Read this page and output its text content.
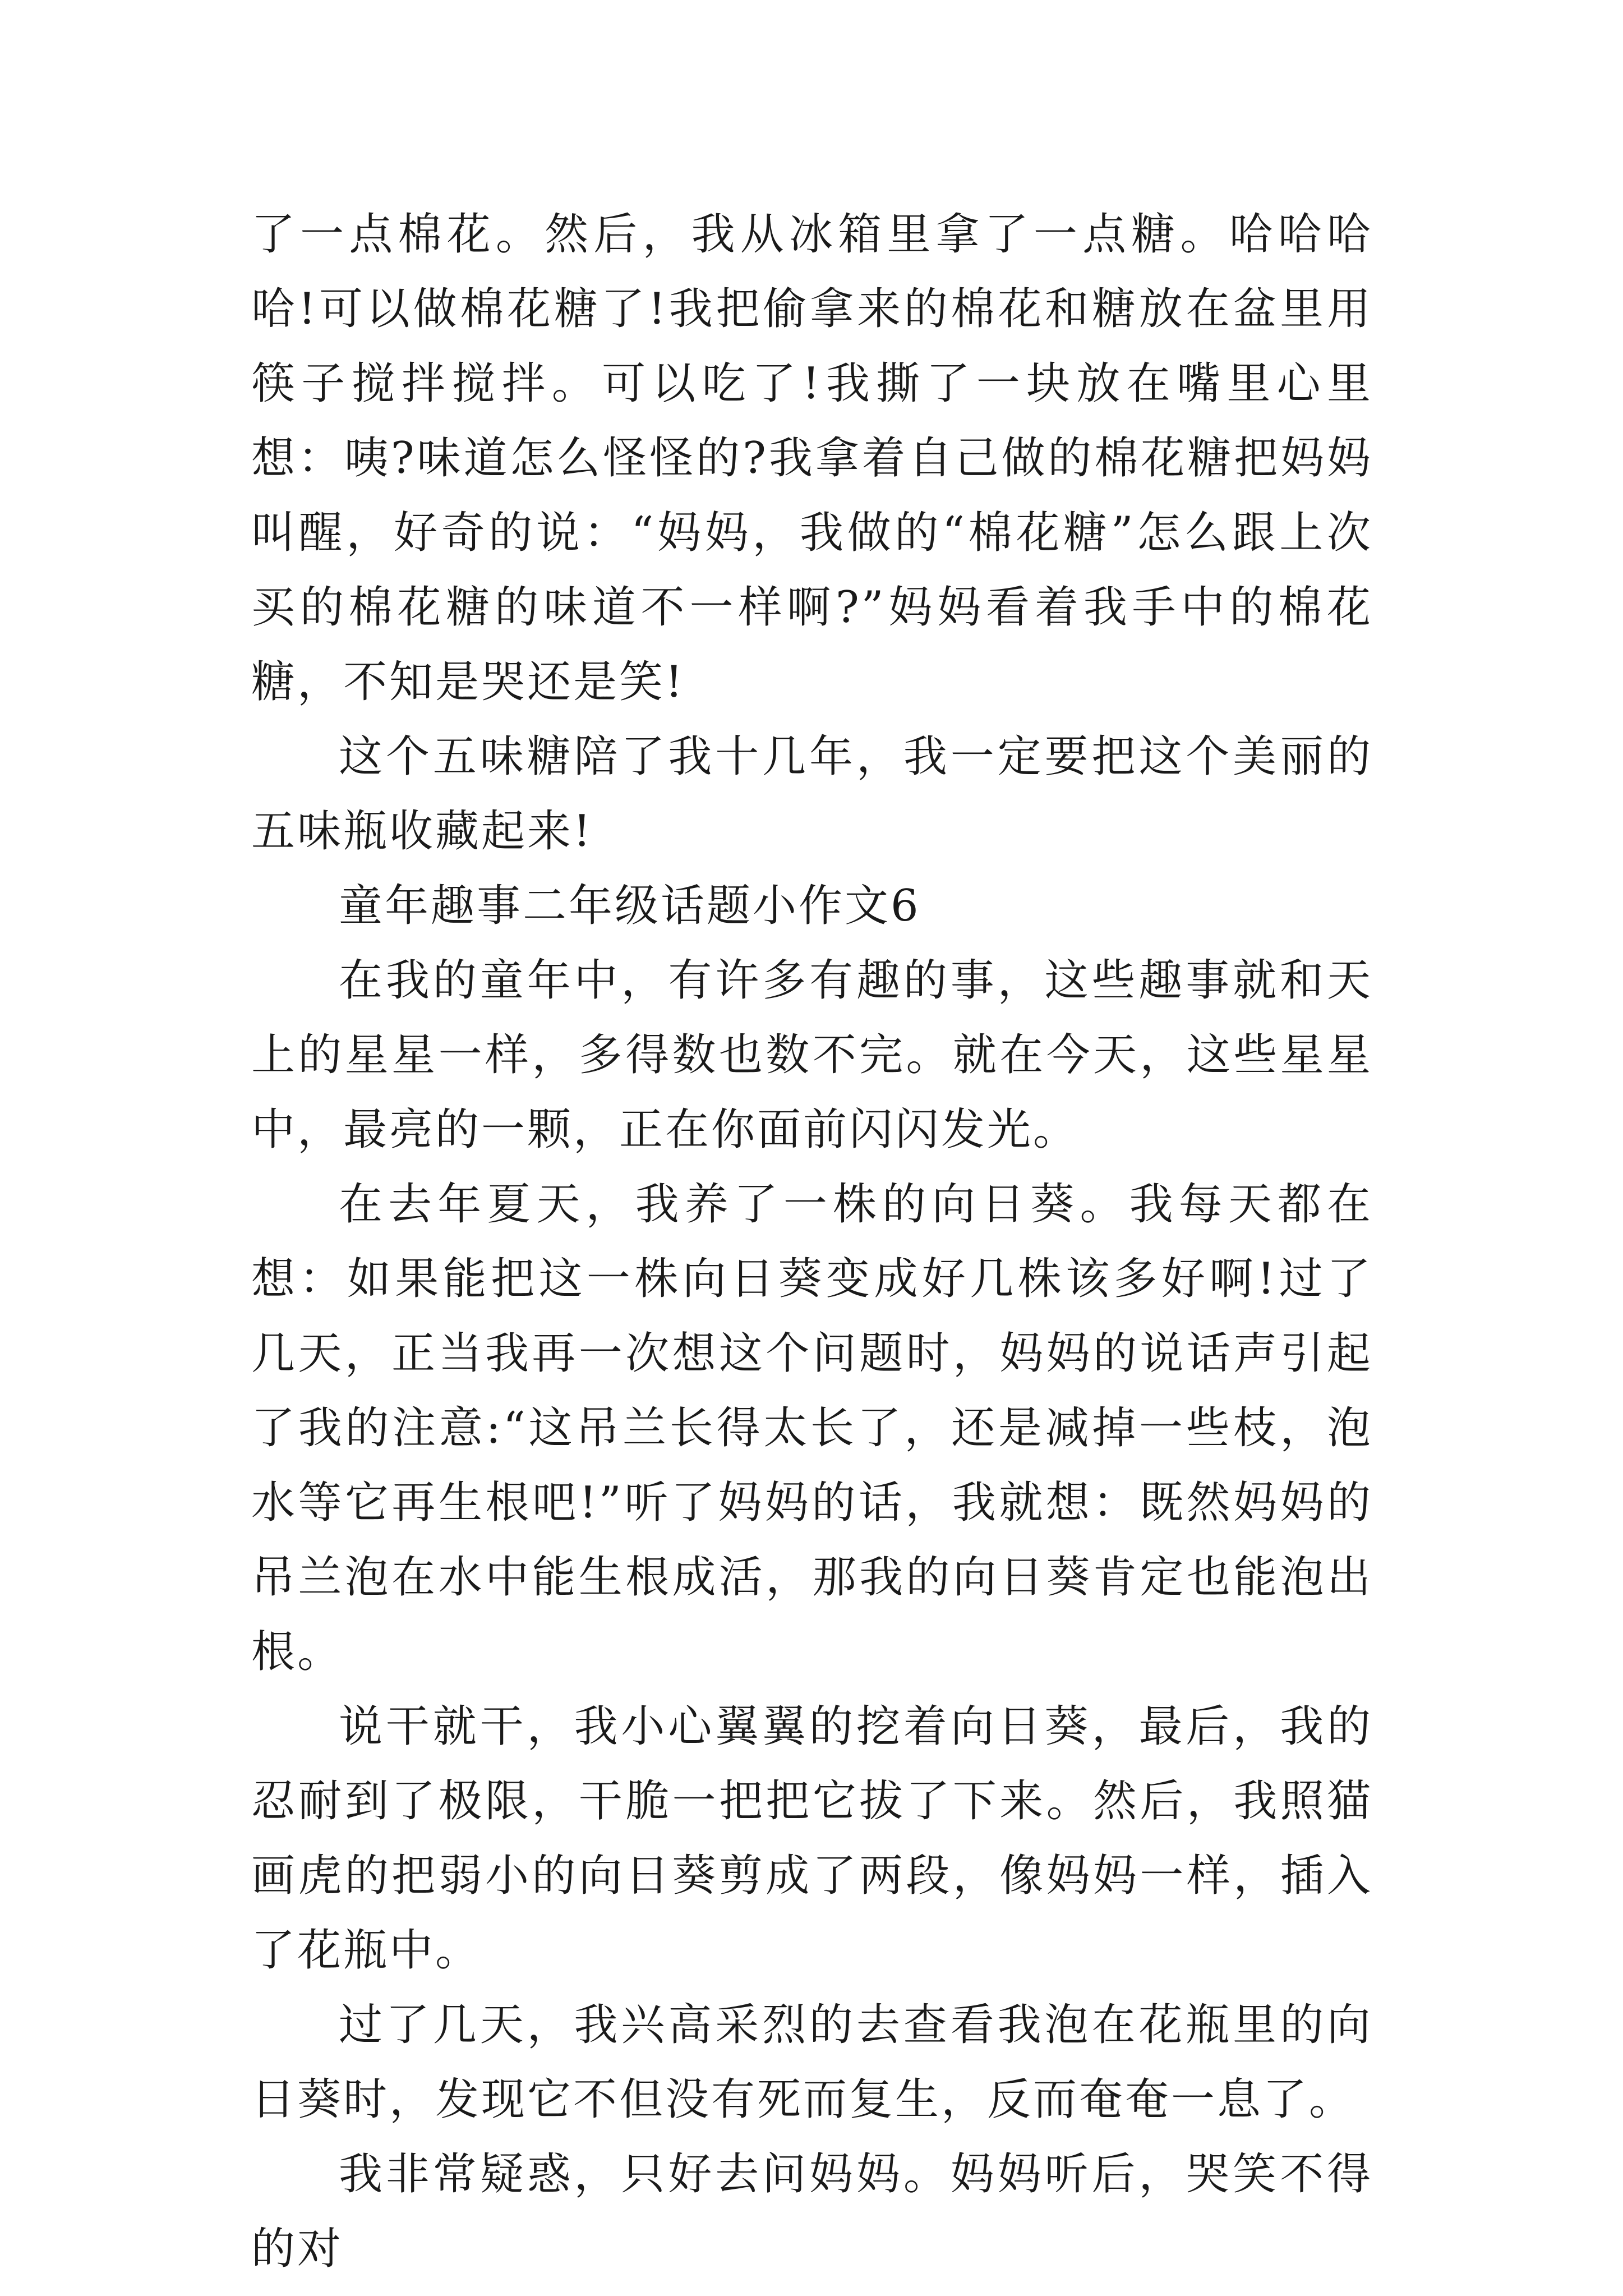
了一点棉花。然后，我从冰箱里拿了一点糖。哈哈哈哈!可以做棉花糖了!我把偷拿来的棉花和糖放在盆里用筷子搅拌搅拌。可以吃了!我撕了一块放在嘴里心里想：咦?味道怎么怪怪的?我拿着自己做的棉花糖把妈妈叫醒，好奇的说：“妈妈，我做的“棉花糖”怎么跟上次买的棉花糖的味道不一样啊?”妈妈看着我手中的棉花糖，不知是哭还是笑!

这个五味糖陪了我十几年，我一定要把这个美丽的五味瓶收藏起来!

童年趣事二年级话题小作文6

在我的童年中，有许多有趣的事，这些趣事就和天上的星星一样，多得数也数不完。就在今天，这些星星中，最亮的一颗，正在你面前闪闪发光。

在去年夏天，我养了一株的向日葵。我每天都在想：如果能把这一株向日葵变成好几株该多好啊!过了几天，正当我再一次想这个问题时，妈妈的说话声引起了我的注意:“这吊兰长得太长了，还是减掉一些枝，泡水等它再生根吧!”听了妈妈的话，我就想：既然妈妈的吊兰泡在水中能生根成活，那我的向日葵肯定也能泡出根。

说干就干，我小心翼翼的挖着向日葵，最后，我的忍耐到了极限，干脆一把把它拔了下来。然后，我照猫画虎的把弱小的向日葵剪成了两段，像妈妈一样，插入了花瓶中。

过了几天，我兴高采烈的去查看我泡在花瓶里的向日葵时，发现它不但没有死而复生，反而奄奄一息了。

我非常疑惑，只好去问妈妈。妈妈听后，哭笑不得的对
